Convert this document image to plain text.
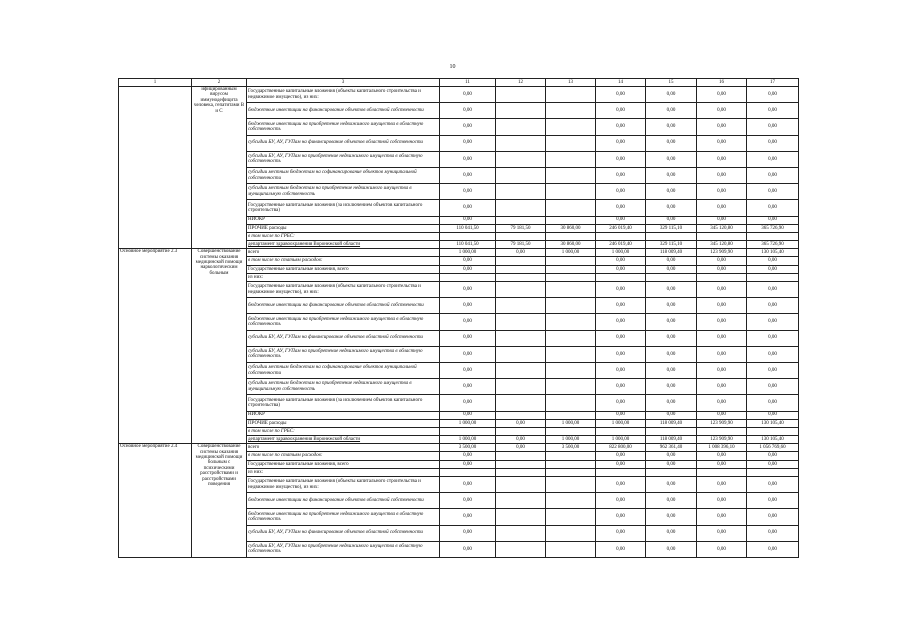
10
1	2	3	11	12	13	14	15	16	17
	ифицированным вирусом иммунодефицита человека, гепатитами В и С	Государственные капитальные вложения (объекты капитального строительства и недвижимое имущество), из них:	0,00			0,00	0,00	0,00	0,00
		бюджетные инвестиции на финансирование объектов областной собственности	0,00			0,00	0,00	0,00	0,00
		бюджетные инвестиции на приобретение недвижимого имущества в областную собственность	0,00			0,00	0,00	0,00	0,00
		субсидии БУ, АУ, ГУПам на финансирование объектов областной собственности	0,00			0,00	0,00	0,00	0,00
		субсидии БУ, АУ, ГУПам на приобретение недвижимого имущества в областную собственность	0,00			0,00	0,00	0,00	0,00
		субсидии местным бюджетам на софинансирование объектов муниципальной собственности	0,00			0,00	0,00	0,00	0,00
		субсидии местным бюджетам на приобретение недвижимого имущества в муниципальную собственность	0,00			0,00	0,00	0,00	0,00
		Государственные капитальные вложения (за исключением объектов капитального строительства)	0,00			0,00	0,00	0,00	0,00
		НИОКР	0,00			0,00	0,00	0,00	0,00
		ПРОЧИЕ расходы	110 041,50	79 181,50	30 860,00	246 019,40	329 115,10	345 120,80	365 726,90
		в том числе по ГРБС:							
		департамент здравоохранения Воронежской области	110 041,50	79 181,50	30 860,00	246 019,40	329 115,10	345 120,80	365 726,90
Основное мероприятие 2.3	Совершенствование системы оказания медицинской помощи наркологическим больным	всего	1 000,00	0,00	1 000,00	1 000,00	118 009,40	123 909,90	130 105,40
		в том числе по статьям расходов:	0,00			0,00	0,00	0,00	0,00
		Государственные капитальные вложения, всего	0,00			0,00	0,00	0,00	0,00
		из них:							
		Государственные капитальные вложения (объекты капитального строительства и недвижимое имущество), из них:	0,00			0,00	0,00	0,00	0,00
		бюджетные инвестиции на финансирование объектов областной собственности	0,00			0,00	0,00	0,00	0,00
		бюджетные инвестиции на приобретение недвижимого имущества в областную собственность	0,00			0,00	0,00	0,00	0,00
		субсидии БУ, АУ, ГУПам на финансирование объектов областной собственности	0,00			0,00	0,00	0,00	0,00
		субсидии БУ, АУ, ГУПам на приобретение недвижимого имущества в областную собственность	0,00			0,00	0,00	0,00	0,00
		субсидии местным бюджетам на софинансирование объектов муниципальной собственности	0,00			0,00	0,00	0,00	0,00
		субсидии местным бюджетам на приобретение недвижимого имущества в муниципальную собственность	0,00			0,00	0,00	0,00	0,00
		Государственные капитальные вложения (за исключением объектов капитального строительства)	0,00			0,00	0,00	0,00	0,00
		НИОКР	0,00			0,00	0,00	0,00	0,00
		ПРОЧИЕ расходы	1 000,00	0,00	1 000,00	1 000,00	118 009,40	123 909,90	130 105,40
		в том числе по ГРБС:							
		департамент здравоохранения Воронежской области	1 000,00	0,00	1 000,00	1 000,00	118 009,40	123 909,90	130 105,40
Основное мероприятие 2.4	Совершенствование системы оказания медицинской помощи больным с психическими расстройствами и расстройствами поведения	всего	3 500,00	0,00	3 500,00	822 800,00	962 361,40	1 008 396,10	1 056 769,60
		в том числе по статьям расходов:	0,00			0,00	0,00	0,00	0,00
		Государственные капитальные вложения, всего	0,00			0,00	0,00	0,00	0,00
		из них:							
		Государственные капитальные вложения (объекты капитального строительства и недвижимое имущество), из них:	0,00			0,00	0,00	0,00	0,00
		бюджетные инвестиции на финансирование объектов областной собственности	0,00			0,00	0,00	0,00	0,00
		бюджетные инвестиции на приобретение недвижимого имущества в областную собственность	0,00			0,00	0,00	0,00	0,00
		субсидии БУ, АУ, ГУПам на финансирование объектов областной собственности	0,00			0,00	0,00	0,00	0,00
		субсидии БУ, АУ, ГУПам на приобретение недвижимого имущества в областную собственность	0,00			0,00	0,00	0,00	0,00
